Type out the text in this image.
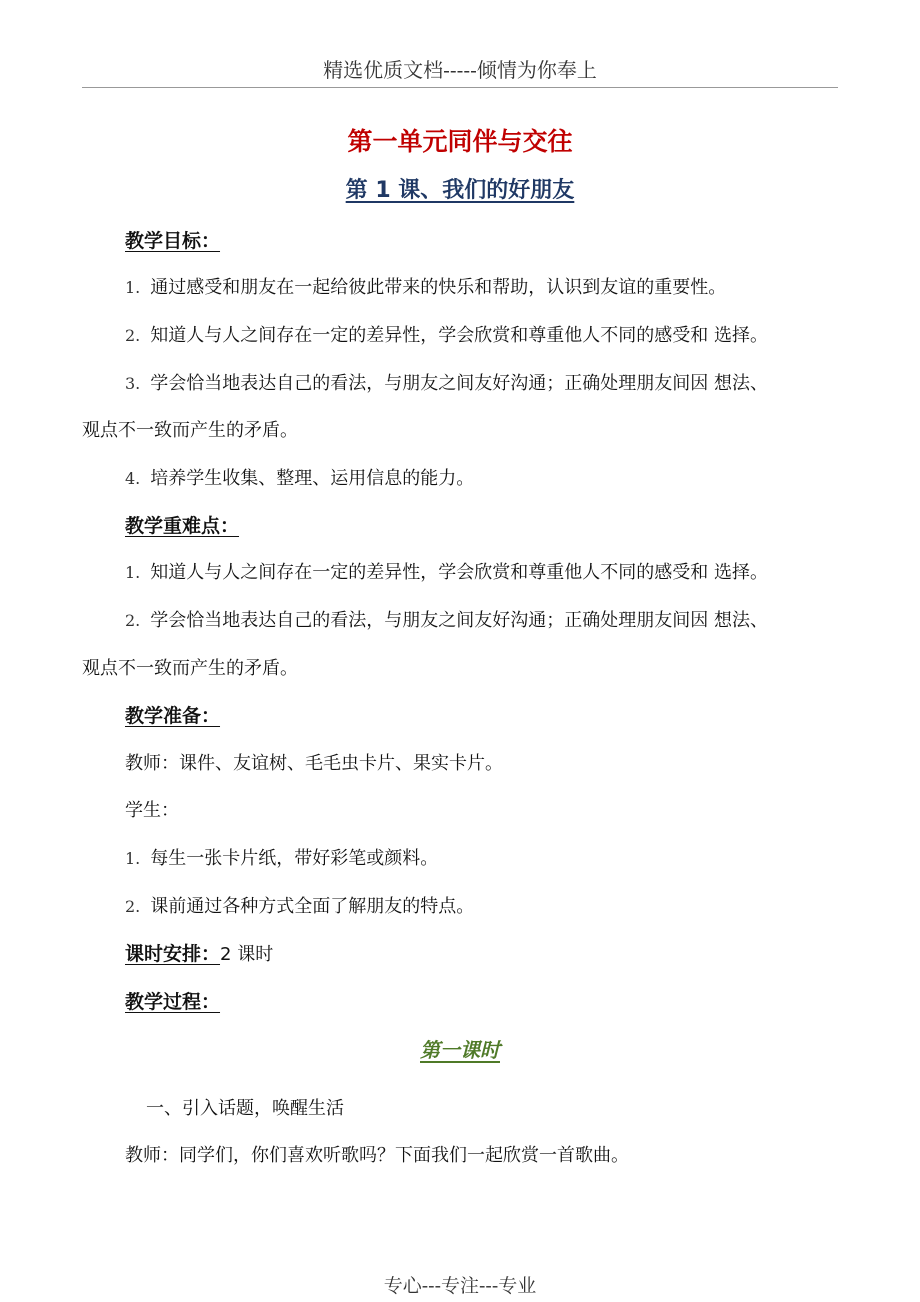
精选优质文档-----倾情为你奉上
第一单元同伴与交往
第 1 课、我们的好朋友
教学目标：
1. 通过感受和朋友在一起给彼此带来的快乐和帮助，认识到友谊的重要性。
2. 知道人与人之间存在一定的差异性，学会欣赏和尊重他人不同的感受和 选择。
3. 学会恰当地表达自己的看法，与朋友之间友好沟通；正确处理朋友间因 想法、
观点不一致而产生的矛盾。
4. 培养学生收集、整理、运用信息的能力。
教学重难点：
1. 知道人与人之间存在一定的差异性，学会欣赏和尊重他人不同的感受和 选择。
2. 学会恰当地表达自己的看法，与朋友之间友好沟通；正确处理朋友间因 想法、
观点不一致而产生的矛盾。
教学准备：
教师：课件、友谊树、毛毛虫卡片、果实卡片。
学生：
1. 每生一张卡片纸，带好彩笔或颜料。
2. 课前通过各种方式全面了解朋友的特点。
课时安排：2 课时
教学过程：
第一课时
一、引入话题，唤醒生活
教师：同学们，你们喜欢听歌吗？下面我们一起欣赏一首歌曲。
专心---专注---专业
